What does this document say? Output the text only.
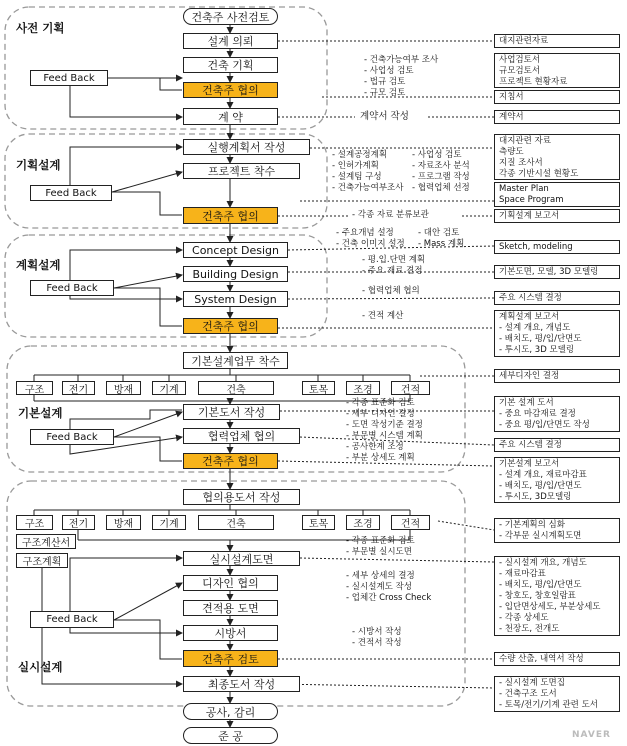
건축주 사전검토
설계 의뢰
건축 기획
건축주 협의
계 약
실행계획서 작성
프로젝트 착수
건축주 협의
Concept Design
Building Design
System Design
건축주 협의
기본설계업무 착수
구조	전기	방재	기계	건축	토목	조경	건적
기본도서 작성
협력업체 협의
건축주 협의
협의용도서 작성
구조	전기	방재	기계	건축	토목	조경	건적
구조계산서
구조계획	실시설계도면
디자인 협의
견적용 도면
시방서
건축주 검토
최종도서 작성
공사, 감리
준 공
Feed Back
Feed Back
Feed Back
Feed Back
Feed Back
사전 기획
기획설계
계획설계
기본설계
실시설계
- 건축가능여부 조사
- 사업성 검토
- 법규 검토
- 규모 검토
계약서 작성
- 설계공정계획
- 인허가계획
- 설계팀 구성
- 건축가능여부조사
- 사업성 검토
- 자료조사 분석
- 프로그램 작성
- 협력업체 선정
- 각종 자료 분류보관
- 주요개념 설정
- 건축 이미지 설정
- 대안 검토
- Mass 계획
- 평.입.단면 계획
- 주요 재료 결정
- 협력업체 협의
- 견적 계산
- 각종 표준화 검토
- 세부 디자인 결정
- 도면 작성기준 결정
- 부문별 시스템 계획
- 공사한계 조정
- 부분 상세도 계획
- 각종 표준화 검토
- 부문별 실시도면
- 세부 상세의 결정
- 실시설계도 작성
- 업체간 Cross Check
- 시방서 작성
- 견적서 작성
대지관련자료
사업검토서
규모검토서
프로젝트 현황자료
지침서
계약서
대지관련 자료
측량도
지질 조사서
각종 기반시설 현황도
Master Plan
Space Program
기획설계 보고서
Sketch, modeling
기본도면, 모델, 3D 모델링
주요 시스템 결정
계획설계 보고서
- 설계 개요, 개념도
- 배치도, 평/입/단면도
- 투시도, 3D 모델링
세부디자인 결정
기본 설계 도서
- 중요 마감재료 결정
- 중요 평/입/단면도 작성
주요 시스템 결정
기본설계 보고서
- 설계 개요, 재료마감표
- 배치도, 평/입/단면도
- 투시도, 3D모델링
- 기본계획의 심화
- 각부문 실시계획도면
- 실시설계 개요, 개념도
- 재료마감표
- 배치도, 평/입/단면도
- 창호도, 창호일람표
- 입단면상세도, 부분상세도
- 각종 상세도
- 천장도, 전개도
수량 산출, 내역서 작성
- 실시설계 도면집
- 건축구조 도서
- 토목/전기/기계 관련 도서
NAVER
